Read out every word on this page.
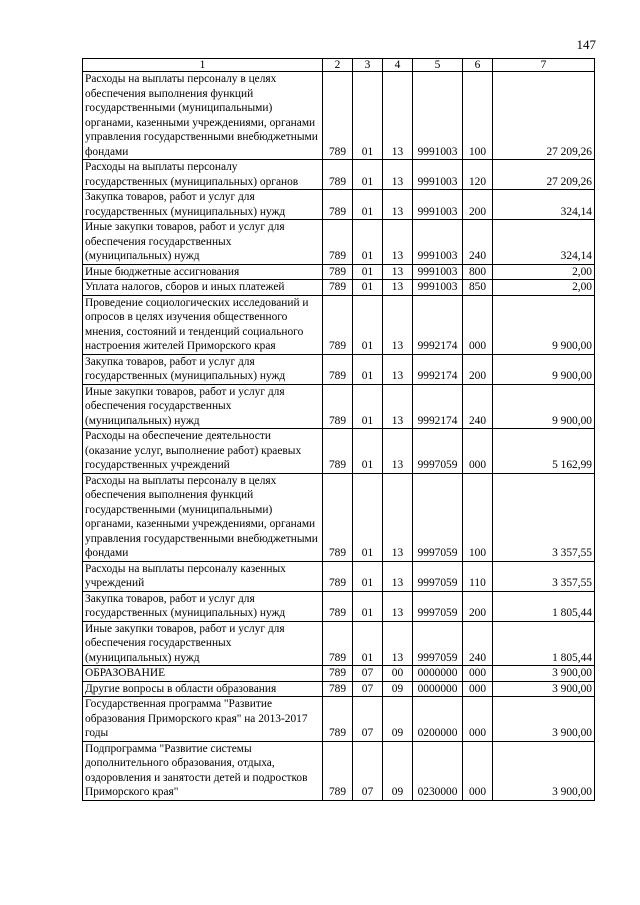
147
1	2	3	4	5	6	7
Расходы на выплаты персоналу в целях обеспечения выполнения функций государственными (муниципальными) органами, казенными учреждениями, органами управления государственными внебюджетными фондами	789	01	13	9991003	100	27 209,26
Расходы на выплаты персоналу государственных (муниципальных) органов	789	01	13	9991003	120	27 209,26
Закупка товаров, работ и услуг для государственных (муниципальных) нужд	789	01	13	9991003	200	324,14
Иные закупки товаров, работ и услуг для обеспечения государственных (муниципальных) нужд	789	01	13	9991003	240	324,14
Иные бюджетные ассигнования	789	01	13	9991003	800	2,00
Уплата налогов, сборов и иных платежей	789	01	13	9991003	850	2,00
Проведение социологических исследований и опросов в целях изучения общественного мнения, состояний и тенденций социального настроения жителей Приморского края	789	01	13	9992174	000	9 900,00
Закупка товаров, работ и услуг для государственных (муниципальных) нужд	789	01	13	9992174	200	9 900,00
Иные закупки товаров, работ и услуг для обеспечения государственных (муниципальных) нужд	789	01	13	9992174	240	9 900,00
Расходы на обеспечение деятельности (оказание услуг, выполнение работ) краевых государственных учреждений	789	01	13	9997059	000	5 162,99
Расходы на выплаты персоналу в целях обеспечения выполнения функций государственными (муниципальными) органами, казенными учреждениями, органами управления государственными внебюджетными фондами	789	01	13	9997059	100	3 357,55
Расходы на выплаты персоналу казенных учреждений	789	01	13	9997059	110	3 357,55
Закупка товаров, работ и услуг для государственных (муниципальных) нужд	789	01	13	9997059	200	1 805,44
Иные закупки товаров, работ и услуг для обеспечения государственных (муниципальных) нужд	789	01	13	9997059	240	1 805,44
ОБРАЗОВАНИЕ	789	07	00	0000000	000	3 900,00
Другие вопросы в области образования	789	07	09	0000000	000	3 900,00
Государственная программа "Развитие образования Приморского края" на 2013-2017 годы	789	07	09	0200000	000	3 900,00
Подпрограмма "Развитие системы дополнительного образования, отдыха, оздоровления и занятости детей и подростков Приморского края"	789	07	09	0230000	000	3 900,00
